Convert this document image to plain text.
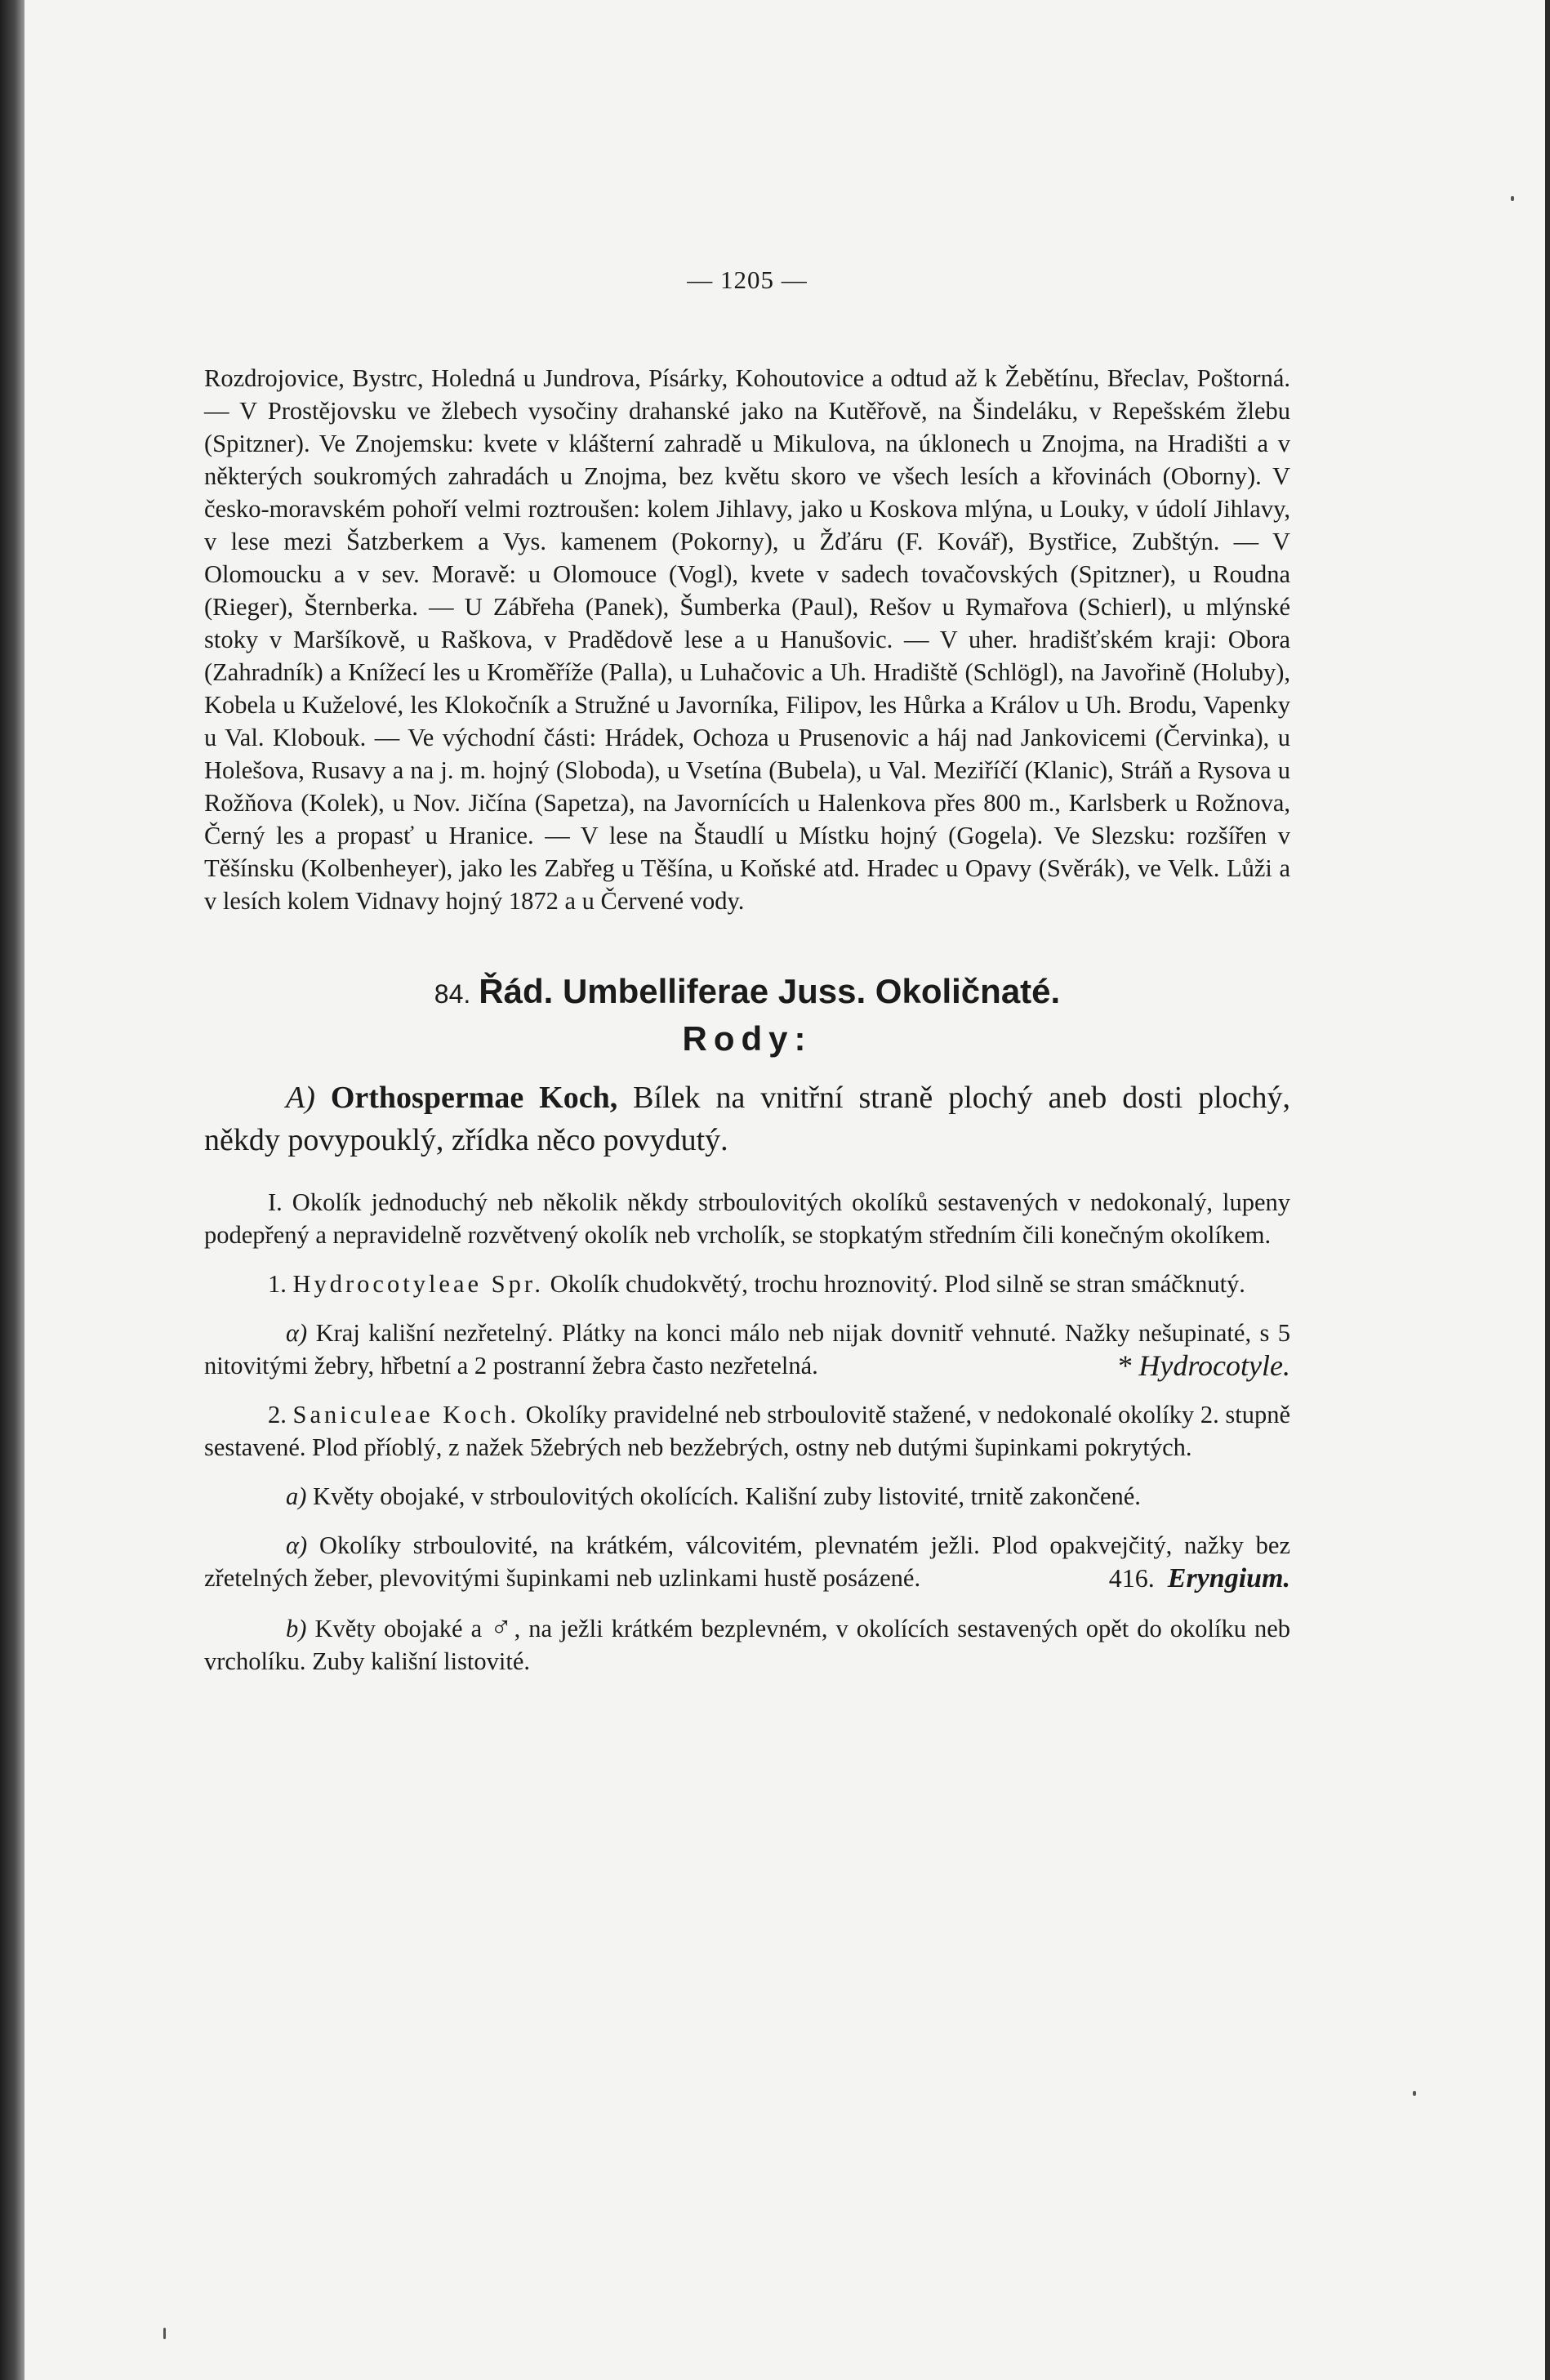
— 1205 —

Rozdrojovice, Bystrc, Holedná u Jundrova, Písárky, Kohoutovice a odtud až k Žebětínu, Břeclav, Poštorná. — V Prostějovsku ve žlebech vysočiny drahanské jako na Kutěřově, na Šindeláku, v Repešském žlebu (Spitzner). Ve Znojemsku: kvete v klášterní zahradě u Mikulova, na úklonech u Znojma, na Hradišti a v některých soukromých zahradách u Znojma, bez květu skoro ve všech lesích a křovinách (Oborny). V česko-moravském pohoří velmi roztroušen: kolem Jihlavy, jako u Koskova mlýna, u Louky, v údolí Jihlavy, v lese mezi Šatzberkem a Vys. kamenem (Pokorny), u Žďáru (F. Kovář), Bystřice, Zubštýn. — V Olomoucku a v sev. Moravě: u Olomouce (Vogl), kvete v sadech tovačovských (Spitzner), u Roudna (Rieger), Šternberka. — U Zábřeha (Panek), Šumberka (Paul), Rešov u Rymařova (Schierl), u mlýnské stoky v Maršíkově, u Raškova, v Pradědově lese a u Hanušovic. — V uher. hradišťském kraji: Obora (Zahradník) a Knížecí les u Kroměříže (Palla), u Luhačovic a Uh. Hradiště (Schlögl), na Javořině (Holuby), Kobela u Kuželové, les Klokočník a Stružné u Javorníka, Filipov, les Hůrka a Králov u Uh. Brodu, Vapenky u Val. Klobouk. — Ve východní části: Hrádek, Ochoza u Prusenovic a háj nad Jankovicemi (Červinka), u Holešova, Rusavy a na j. m. hojný (Sloboda), u Vsetína (Bubela), u Val. Meziříčí (Klanic), Stráň a Rysova u Rožňova (Kolek), u Nov. Jičína (Sapetza), na Javornících u Halenkova přes 800 m., Karlsberk u Rožnova, Černý les a propasť u Hranice. — V lese na Štaudlí u Místku hojný (Gogela). Ve Slezsku: rozšířen v Těšínsku (Kolbenheyer), jako les Zabřeg u Těšína, u Koňské atd. Hradec u Opavy (Svěrák), ve Velk. Lůži a v lesích kolem Vidnavy hojný 1872 a u Červené vody.

84. Řád. Umbelliferae Juss. Okoličnaté.
Rody:

A) Orthospermae Koch, Bílek na vnitřní straně plochý aneb dosti plochý, někdy povypouklý, zřídka něco povydutý.

I. Okolík jednoduchý neb několik někdy strboulovitých okolíků sestavených v nedokonalý, lupeny podepřený a nepravidelně rozvětvený okolík neb vrcholík, se stopkatým středním čili konečným okolíkem.

1. Hydrocotyleae Spr. Okolík chudokvětý, trochu hroznovitý. Plod silně se stran smáčknutý.

α) Kraj kališní nezřetelný. Plátky na konci málo neb nijak dovnitř vehnuté. Nažky nešupinaté, s 5 nitovitými žebry, hřbetní a 2 postranní žebra často nezřetelná.	* Hydrocotyle.

2. Saniculeae Koch. Okolíky pravidelné neb strboulovitě stažené, v nedokonalé okolíky 2. stupně sestavené. Plod příoblý, z nažek 5žebrých neb bezžebrých, ostny neb dutými šupinkami pokrytých.

a) Květy obojaké, v strboulovitých okolících. Kališní zuby listovité, trnitě zakončené.

α) Okolíky strboulovité, na krátkém, válcovitém, plevnatém ježli. Plod opakvejčitý, nažky bez zřetelných žeber, plevovitými šupinkami neb uzlinkami hustě posázené.	416. Eryngium.

b) Květy obojaké a ♂, na ježli krátkém bezplevném, v okolících sestavených opět do okolíku neb vrcholíku. Zuby kališní listovité.
